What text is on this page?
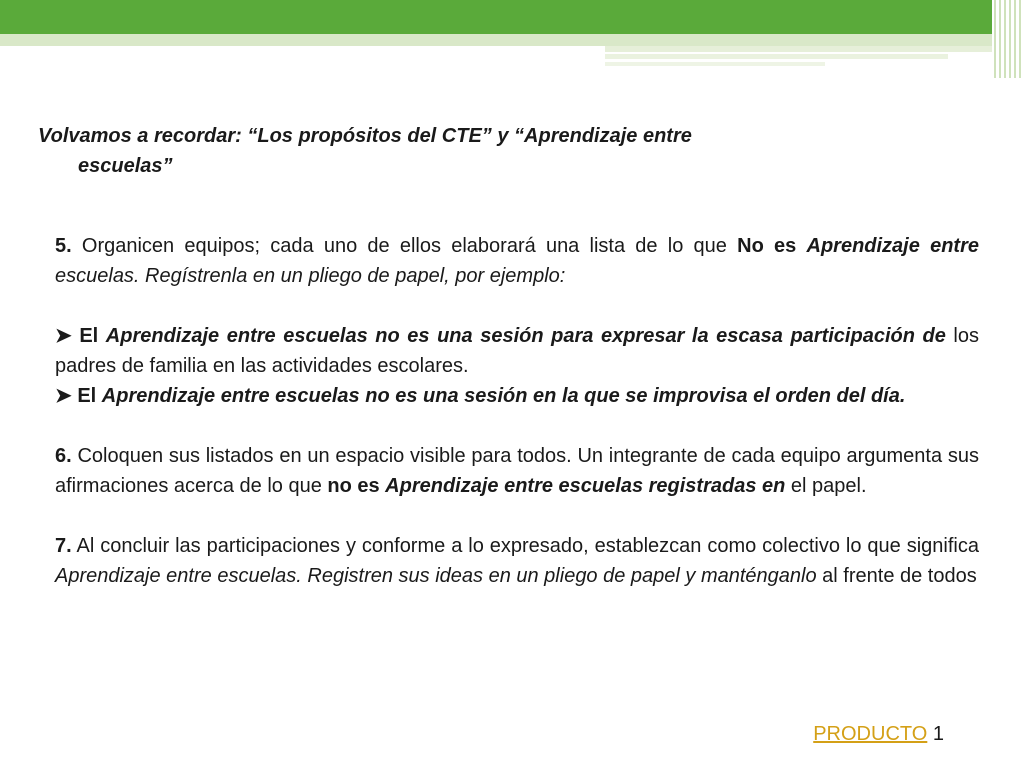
Volvamos a recordar: “Los propósitos del CTE” y “Aprendizaje entre
escuelas”

5. Organicen equipos; cada uno de ellos elaborará una lista de lo que No es Aprendizaje entre escuelas. Regístrenla en un pliego de papel, por ejemplo:

➤ El Aprendizaje entre escuelas no es una sesión para expresar la escasa participación de los padres de familia en las actividades escolares.

➤ El Aprendizaje entre escuelas no es una sesión en la que se improvisa el orden del día.

6. Coloquen sus listados en un espacio visible para todos. Un integrante de cada equipo argumenta sus afirmaciones acerca de lo que no es Aprendizaje entre escuelas registradas en el papel.

7. Al concluir las participaciones y conforme a lo expresado, establezcan como colectivo lo que significa Aprendizaje entre escuelas. Registren sus ideas en un pliego de papel y manténganlo al frente de todos

PRODUCTO 1
